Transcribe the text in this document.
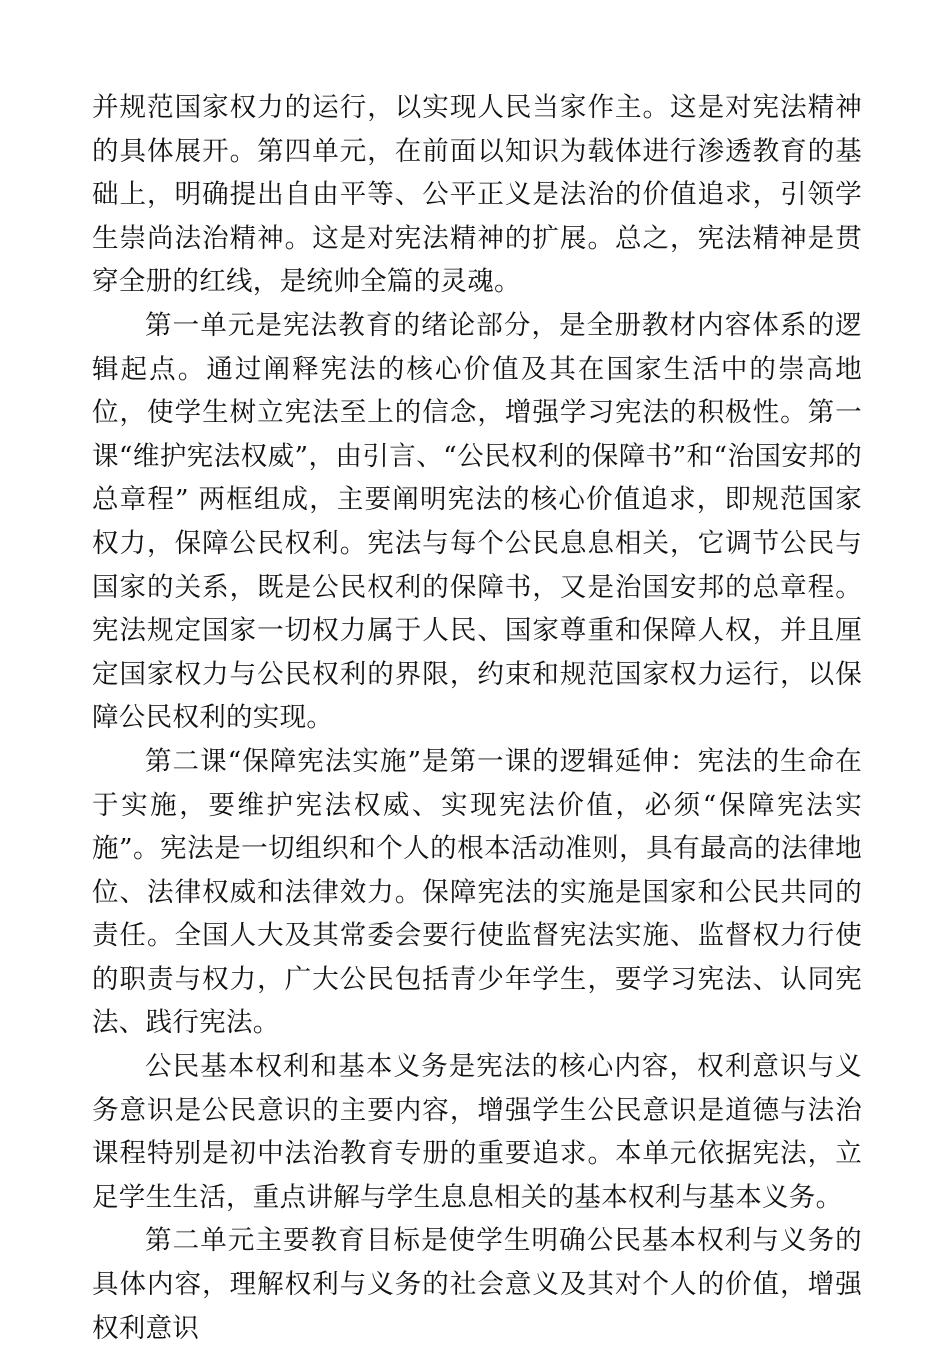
并规范国家权力的运行，以实现人民当家作主。这是对宪法精神的具体展开。第四单元，在前面以知识为载体进行渗透教育的基础上，明确提出自由平等、公平正义是法治的价值追求，引领学生崇尚法治精神。这是对宪法精神的扩展。总之，宪法精神是贯穿全册的红线，是统帅全篇的灵魂。

第一单元是宪法教育的绪论部分，是全册教材内容体系的逻辑起点。通过阐释宪法的核心价值及其在国家生活中的崇高地位，使学生树立宪法至上的信念，增强学习宪法的积极性。第一课“维护宪法权威”，由引言、“公民权利的保障书”和“治国安邦的总章程” 两框组成，主要阐明宪法的核心价值追求，即规范国家权力，保障公民权利。宪法与每个公民息息相关，它调节公民与国家的关系，既是公民权利的保障书，又是治国安邦的总章程。宪法规定国家一切权力属于人民、国家尊重和保障人权，并且厘定国家权力与公民权利的界限，约束和规范国家权力运行，以保障公民权利的实现。

第二课“保障宪法实施”是第一课的逻辑延伸：宪法的生命在于实施，要维护宪法权威、实现宪法价值，必须“保障宪法实施”。宪法是一切组织和个人的根本活动准则，具有最高的法律地位、法律权威和法律效力。保障宪法的实施是国家和公民共同的责任。全国人大及其常委会要行使监督宪法实施、监督权力行使的职责与权力，广大公民包括青少年学生，要学习宪法、认同宪法、践行宪法。

公民基本权利和基本义务是宪法的核心内容，权利意识与义务意识是公民意识的主要内容，增强学生公民意识是道德与法治课程特别是初中法治教育专册的重要追求。本单元依据宪法，立足学生生活，重点讲解与学生息息相关的基本权利与基本义务。

第二单元主要教育目标是使学生明确公民基本权利与义务的具体内容，理解权利与义务的社会意义及其对个人的价值，增强权利意识
